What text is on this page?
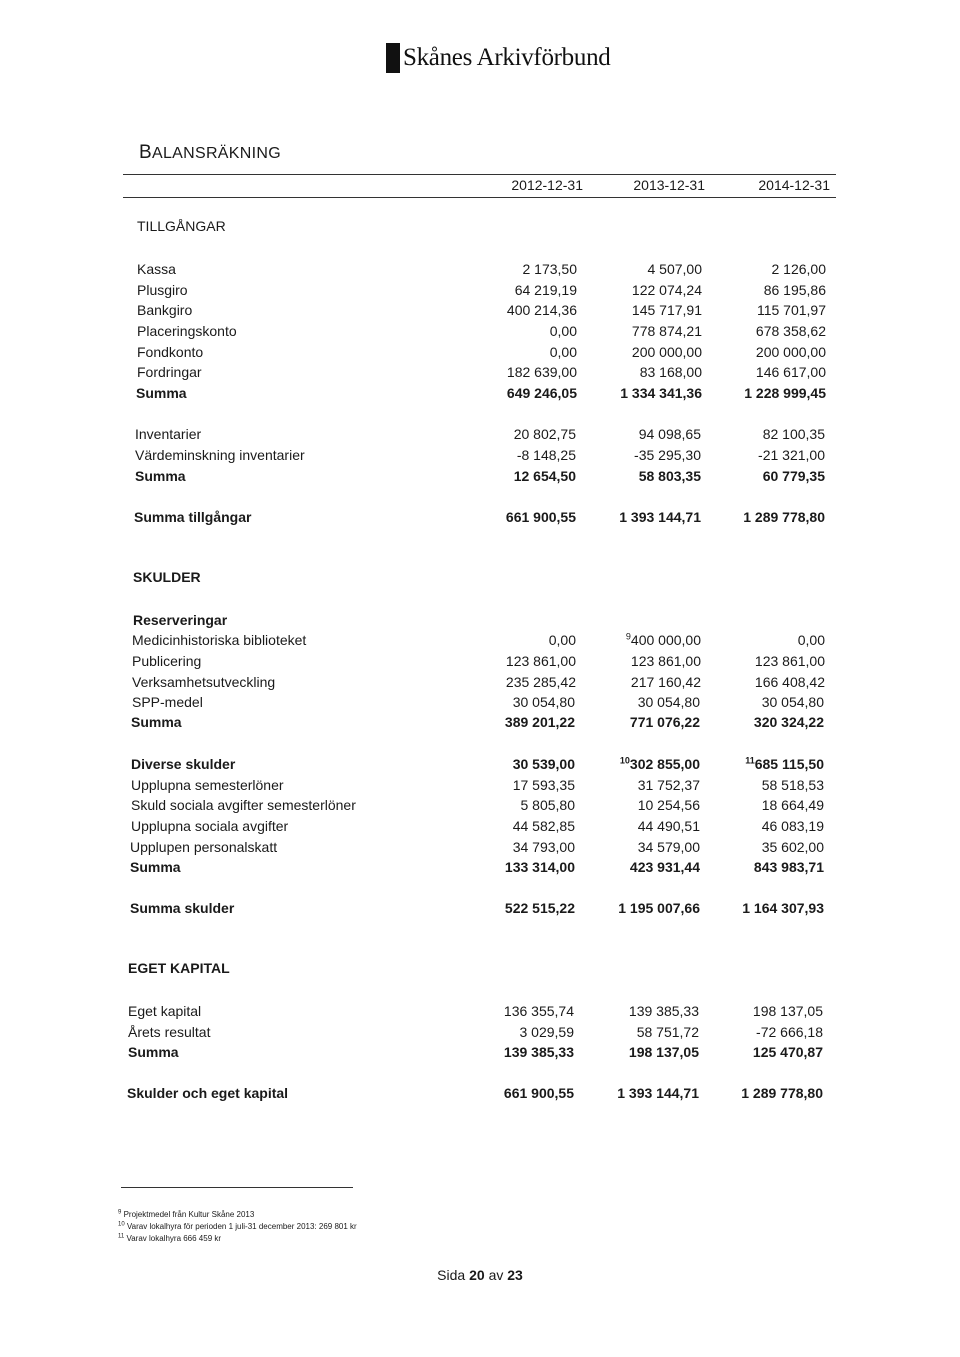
Skånes Arkivförbund
BALANSRÄKNING
2012-12-31	2013-12-31	2014-12-31
TILLGÅNGAR
SKULDER
EGET KAPITAL
Kassa	2 173,50	4 507,00	2 126,00
Plusgiro	64 219,19	122 074,24	86 195,86
Bankgiro	400 214,36	145 717,91	115 701,97
Placeringskonto	0,00	778 874,21	678 358,62
Fondkonto	0,00	200 000,00	200 000,00
Fordringar	182 639,00	83 168,00	146 617,00
Summa	649 246,05	1 334 341,36	1 228 999,45
Inventarier	20 802,75	94 098,65	82 100,35
Värdeminskning inventarier	-8 148,25	-35 295,30	-21 321,00
Summa	12 654,50	58 803,35	60 779,35
Summa tillgångar	661 900,55	1 393 144,71	1 289 778,80
Reserveringar
Medicinhistoriska biblioteket	0,00	$^9$400 000,00	0,00
Publicering	123 861,00	123 861,00	123 861,00
Verksamhetsutveckling	235 285,42	217 160,42	166 408,42
SPP-medel	30 054,80	30 054,80	30 054,80
Summa	389 201,22	771 076,22	320 324,22
Diverse skulder	30 539,00	$^{10}$302 855,00	$^{11}$685 115,50
Upplupna semesterlöner	17 593,35	31 752,37	58 518,53
Skuld sociala avgifter semesterlöner	5 805,80	10 254,56	18 664,49
Upplupna sociala avgifter	44 582,85	44 490,51	46 083,19
Upplupen personalskatt	34 793,00	34 579,00	35 602,00
Summa	133 314,00	423 931,44	843 983,71
Summa skulder	522 515,22	1 195 007,66	1 164 307,93
Eget kapital	136 355,74	139 385,33	198 137,05
Årets resultat	3 029,59	58 751,72	-72 666,18
Summa	139 385,33	198 137,05	125 470,87
Skulder och eget kapital	661 900,55	1 393 144,71	1 289 778,80
$^9$ Projektmedel från Kultur Skåne 2013
$^{10}$ Varav lokalhyra för perioden 1 juli-31 december 2013: 269 801 kr
$^{11}$ Varav lokalhyra 666 459 kr
Sida 20 av 23
